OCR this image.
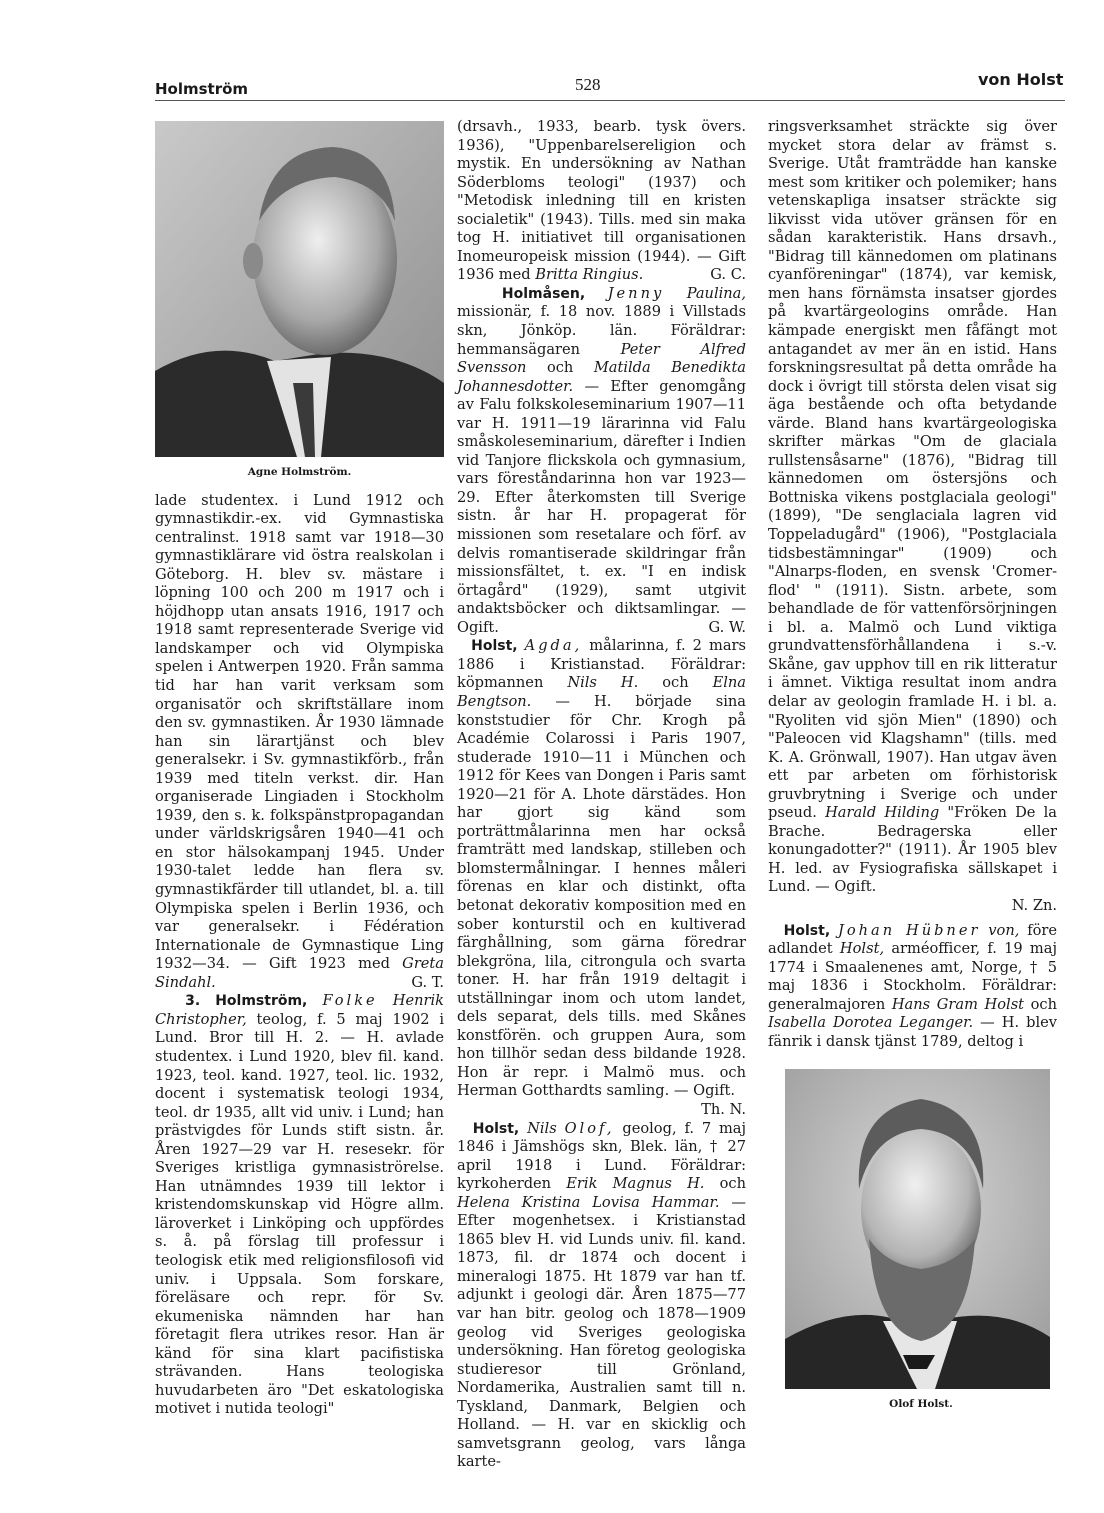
Holmström	528	von Holst
Agne Holmström.

lade studentex. i Lund 1912 och gymnastikdir.-ex. vid Gymnastiska centralinst. 1918 samt var 1918—30 gymnastiklärare vid östra realskolan i Göteborg. H. blev sv. mästare i löpning 100 och 200 m 1917 och i höjdhopp utan ansats 1916, 1917 och 1918 samt representerade Sverige vid landskamper och vid Olympiska spelen i Antwerpen 1920. Från samma tid har han varit verksam som organisatör och skriftställare inom den sv. gymnastiken. År 1930 lämnade han sin lärartjänst och blev generalsekr. i Sv. gymnastikförb., från 1939 med titeln verkst. dir. Han organiserade Lingiaden i Stockholm 1939, den s. k. folkspänstpropagandan under världskrigsåren 1940—41 och en stor hälsokampanj 1945. Under 1930-talet ledde han flera sv. gymnastikfärder till utlandet, bl. a. till Olympiska spelen i Berlin 1936, och var generalsekr. i Fédération Internationale de Gymnastique Ling 1932—34. — Gift 1923 med Greta Sindahl.	G. T.

3. Holmström, Folke Henrik Christopher, teolog, f. 5 maj 1902 i Lund. Bror till H. 2. — H. avlade studentex. i Lund 1920, blev fil. kand. 1923, teol. kand. 1927, teol. lic. 1932, docent i systematisk teologi 1934, teol. dr 1935, allt vid univ. i Lund; han prästvigdes för Lunds stift sistn. år. Åren 1927—29 var H. resesekr. för Sveriges kristliga gymnasiströrelse. Han utnämndes 1939 till lektor i kristendomskunskap vid Högre allm. läroverket i Linköping och uppfördes s. å. på förslag till professur i teologisk etik med religionsfilosofi vid univ. i Uppsala. Som forskare, föreläsare och repr. för Sv. ekumeniska nämnden har han företagit flera utrikes resor. Han är känd för sina klart pacifistiska strävanden. Hans teologiska huvudarbeten äro "Det eskatologiska motivet i nutida teologi"

(drsavh., 1933, bearb. tysk övers. 1936), "Uppenbarelsereligion och mystik. En undersökning av Nathan Söderbloms teologi" (1937) och "Metodisk inledning till en kristen socialetik" (1943). Tills. med sin maka tog H. initiativet till organisationen Inomeuropeisk mission (1944). — Gift 1936 med Britta Ringius.	G. C.

Holmåsen, Jenny Paulina, missionär, f. 18 nov. 1889 i Villstads skn, Jönköp. län. Föräldrar: hemmansägaren Peter Alfred Svensson och Matilda Benedikta Johannesdotter. — Efter genomgång av Falu folkskoleseminarium 1907—11 var H. 1911—19 lärarinna vid Falu småskoleseminarium, därefter i Indien vid Tanjore flickskola och gymnasium, vars föreståndarinna hon var 1923—29. Efter återkomsten till Sverige sistn. år har H. propagerat för missionen som resetalare och förf. av delvis romantiserade skildringar från missionsfältet, t. ex. "I en indisk örtagård" (1929), samt utgivit andaktsböcker och diktsamlingar. — Ogift.	G. W.

Holst, Agda, målarinna, f. 2 mars 1886 i Kristianstad. Föräldrar: köpmannen Nils H. och Elna Bengtson. — H. började sina konststudier för Chr. Krogh på Académie Colarossi i Paris 1907, studerade 1910—11 i München och 1912 för Kees van Dongen i Paris samt 1920—21 för A. Lhote därstädes. Hon har gjort sig känd som porträttmålarinna men har också framträtt med landskap, stilleben och blomstermålningar. I hennes måleri förenas en klar och distinkt, ofta betonat dekorativ komposition med en sober konturstil och en kultiverad färghållning, som gärna föredrar blekgröna, lila, citrongula och svarta toner. H. har från 1919 deltagit i utställningar inom och utom landet, dels separat, dels tills. med Skånes konstförën. och gruppen Aura, som hon tillhör sedan dess bildande 1928. Hon är repr. i Malmö mus. och Herman Gotthardts samling. — Ogift.
Th. N.

Holst, Nils Olof, geolog, f. 7 maj 1846 i Jämshögs skn, Blek. län, † 27 april 1918 i Lund. Föräldrar: kyrkoherden Erik Magnus H. och Helena Kristina Lovisa Hammar. — Efter mogenhetsex. i Kristianstad 1865 blev H. vid Lunds univ. fil. kand. 1873, fil. dr 1874 och docent i mineralogi 1875. Ht 1879 var han tf. adjunkt i geologi där. Åren 1875—77 var han bitr. geolog och 1878—1909 geolog vid Sveriges geologiska undersökning. Han företog geologiska studieresor till Grönland, Nordamerika, Australien samt till n. Tyskland, Danmark, Belgien och Holland. — H. var en skicklig och samvetsgrann geolog, vars långa karte-

ringsverksamhet sträckte sig över mycket stora delar av främst s. Sverige. Utåt framträdde han kanske mest som kritiker och polemiker; hans vetenskapliga insatser sträckte sig likvisst vida utöver gränsen för en sådan karakteristik. Hans drsavh., "Bidrag till kännedomen om platinans cyanföreningar" (1874), var kemisk, men hans förnämsta insatser gjordes på kvartärgeologins område. Han kämpade energiskt men fåfängt mot antagandet av mer än en istid. Hans forskningsresultat på detta område ha dock i övrigt till största delen visat sig äga bestående och ofta betydande värde. Bland hans kvartärgeologiska skrifter märkas "Om de glaciala rullstensåsarne" (1876), "Bidrag till kännedomen om östersjöns och Bottniska vikens postglaciala geologi" (1899), "De senglaciala lagren vid Toppeladugård" (1906), "Postglaciala tidsbestämningar" (1909) och "Alnarps-floden, en svensk 'Cromer-flod' " (1911). Sistn. arbete, som behandlade de för vattenförsörjningen i bl. a. Malmö och Lund viktiga grundvattensförhållandena i s.-v. Skåne, gav upphov till en rik litteratur i ämnet. Viktiga resultat inom andra delar av geologin framlade H. i bl. a. "Ryoliten vid sjön Mien" (1890) och "Paleocen vid Klagshamn" (tills. med K. A. Grönwall, 1907). Han utgav även ett par arbeten om förhistorisk gruvbrytning i Sverige och under pseud. Harald Hilding "Fröken De la Brache. Bedragerska eller konungadotter?" (1911). År 1905 blev H. led. av Fysiografiska sällskapet i Lund. — Ogift.
N. Zn.

Holst, Johan Hübner von, före adlandet Holst, arméofficer, f. 19 maj 1774 i Smaalenenes amt, Norge, † 5 maj 1836 i Stockholm. Föräldrar: generalmajoren Hans Gram Holst och Isabella Dorotea Leganger. — H. blev fänrik i dansk tjänst 1789, deltog i

Olof Holst.
